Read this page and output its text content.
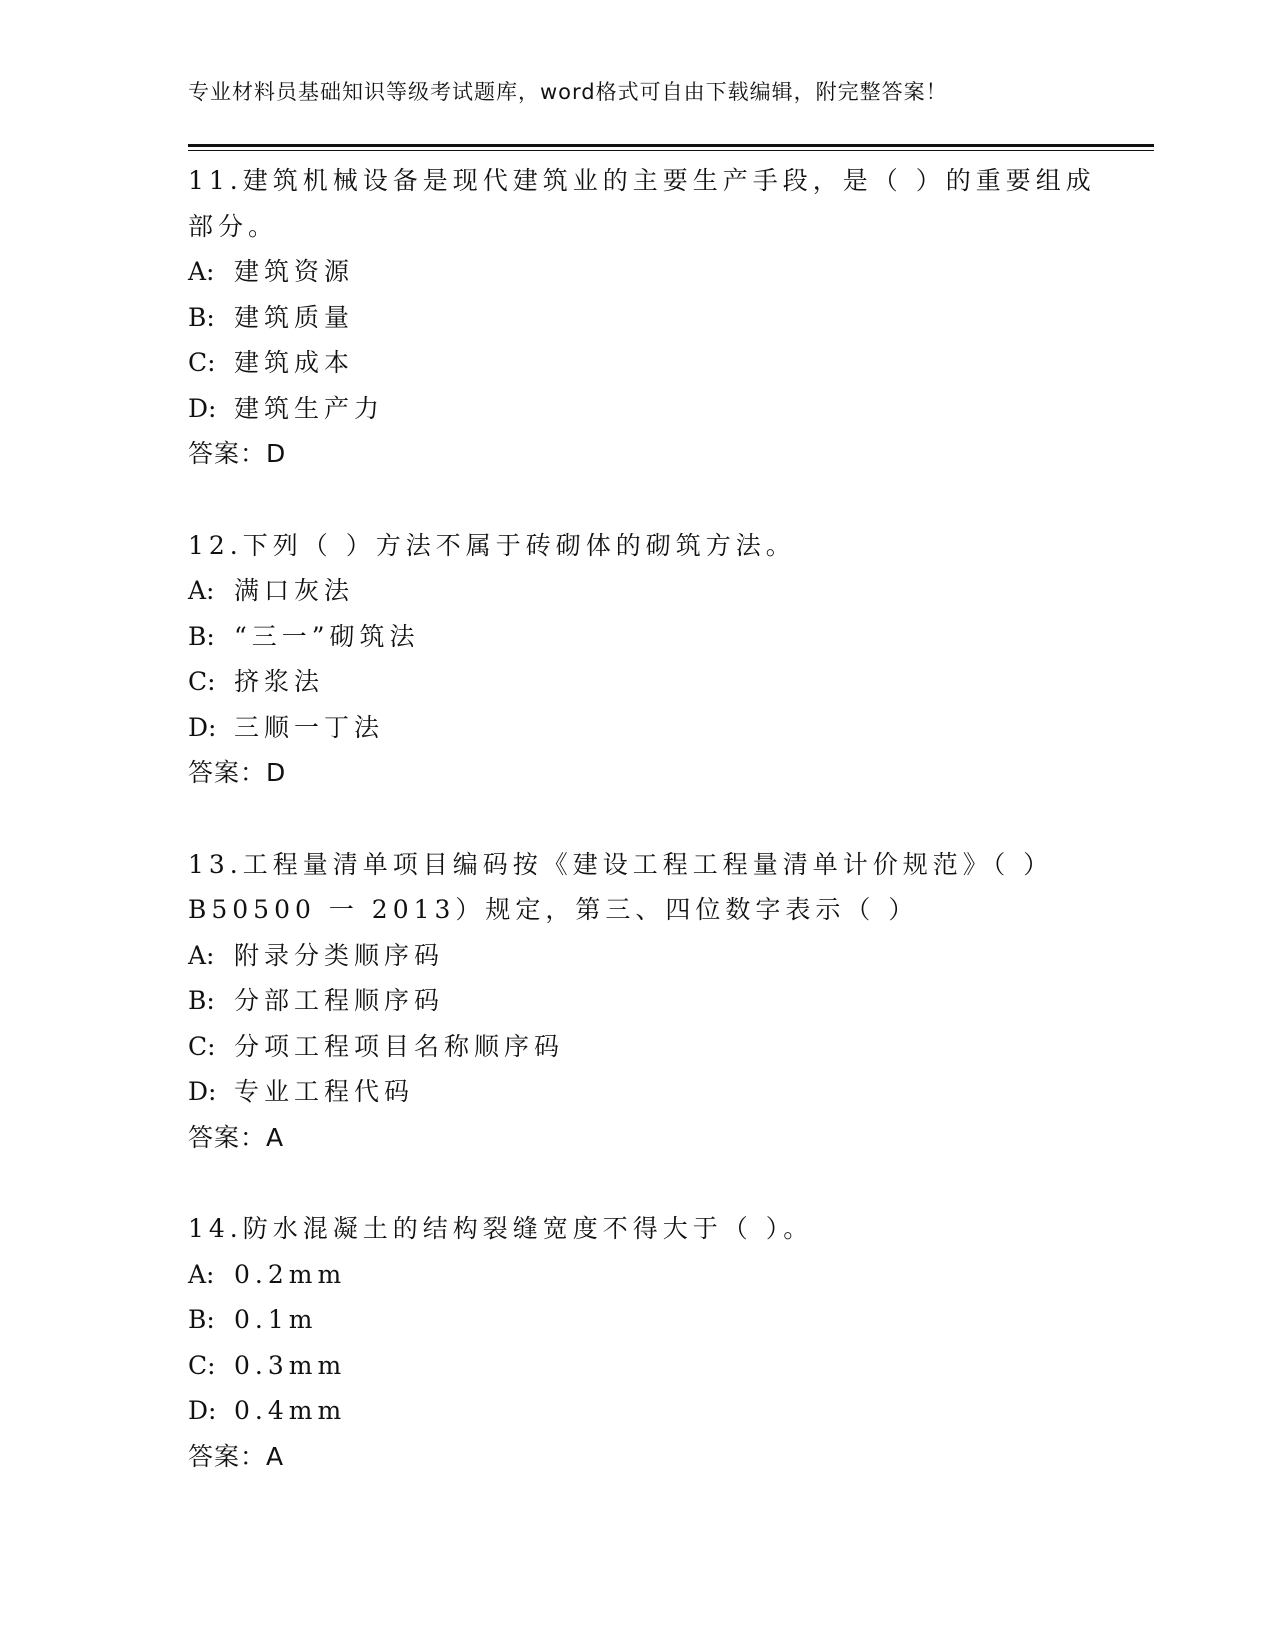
专业材料员基础知识等级考试题库，word格式可自由下载编辑，附完整答案！
11.建筑机械设备是现代建筑业的主要生产手段，是（ ）的重要组成
部分。
A: 建筑资源
B: 建筑质量
C: 建筑成本
D: 建筑生产力
答案：D
12.下列（ ）方法不属于砖砌体的砌筑方法。
A: 满口灰法
B: “三一”砌筑法
C: 挤浆法
D: 三顺一丁法
答案：D
13.工程量清单项目编码按《建设工程工程量清单计价规范》（ ）
B50500 一 2013）规定，第三、四位数字表示（ ）
A: 附录分类顺序码
B: 分部工程顺序码
C: 分项工程项目名称顺序码
D: 专业工程代码
答案：A
14.防水混凝土的结构裂缝宽度不得大于（ ）。
A: 0.2mm
B: 0.1m
C: 0.3mm
D: 0.4mm
答案：A
